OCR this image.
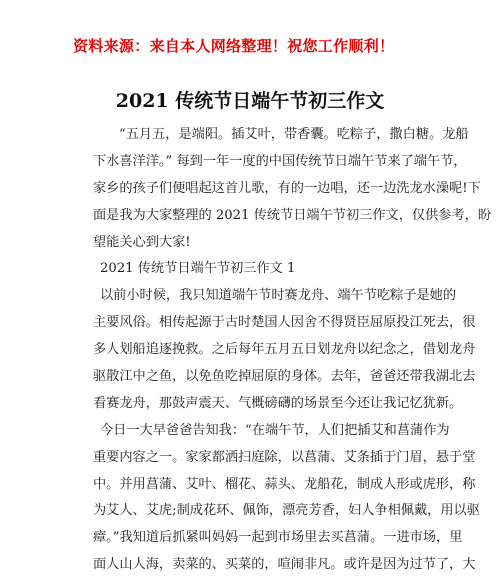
资料来源：来自本人网络整理！祝您工作顺利！
2021 传统节日端午节初三作文
“五月五，是端阳。插艾叶，带香囊。吃粽子，撒白糖。龙船
下水喜洋洋。” 每到一年一度的中国传统节日端午节来了端午节，
家乡的孩子们便唱起这首儿歌，有的一边唱，还一边洗龙水澡呢!下
面是我为大家整理的 2021 传统节日端午节初三作文，仅供参考，盼
望能关心到大家!
2021 传统节日端午节初三作文 1
以前小时候，我只知道端午节时赛龙舟、端午节吃粽子是她的
主要风俗。相传起源于古时楚国人因舍不得贤臣屈原投江死去，很
多人划船追逐挽救。之后每年五月五日划龙舟以纪念之，借划龙舟
驱散江中之鱼，以免鱼吃掉屈原的身体。去年，爸爸还带我湖北去
看赛龙舟，那鼓声震天、气概磅礴的场景至今还让我记忆犹新。
今日一大早爸爸告知我：“在端午节，人们把插艾和菖蒲作为
重要内容之一。家家都洒扫庭除，以菖蒲、艾条插于门眉，悬于堂
中。并用菖蒲、艾叶、榴花、蒜头、龙船花，制成人形或虎形，称
为艾人、艾虎;制成花环、佩饰，漂亮芳香，妇人争相佩戴，用以驱
瘴。”我知道后抓紧叫妈妈一起到市场里去买菖蒲。一进市场，里
面人山人海，卖菜的、买菜的，喧闹非凡。或许是因为过节了，大
